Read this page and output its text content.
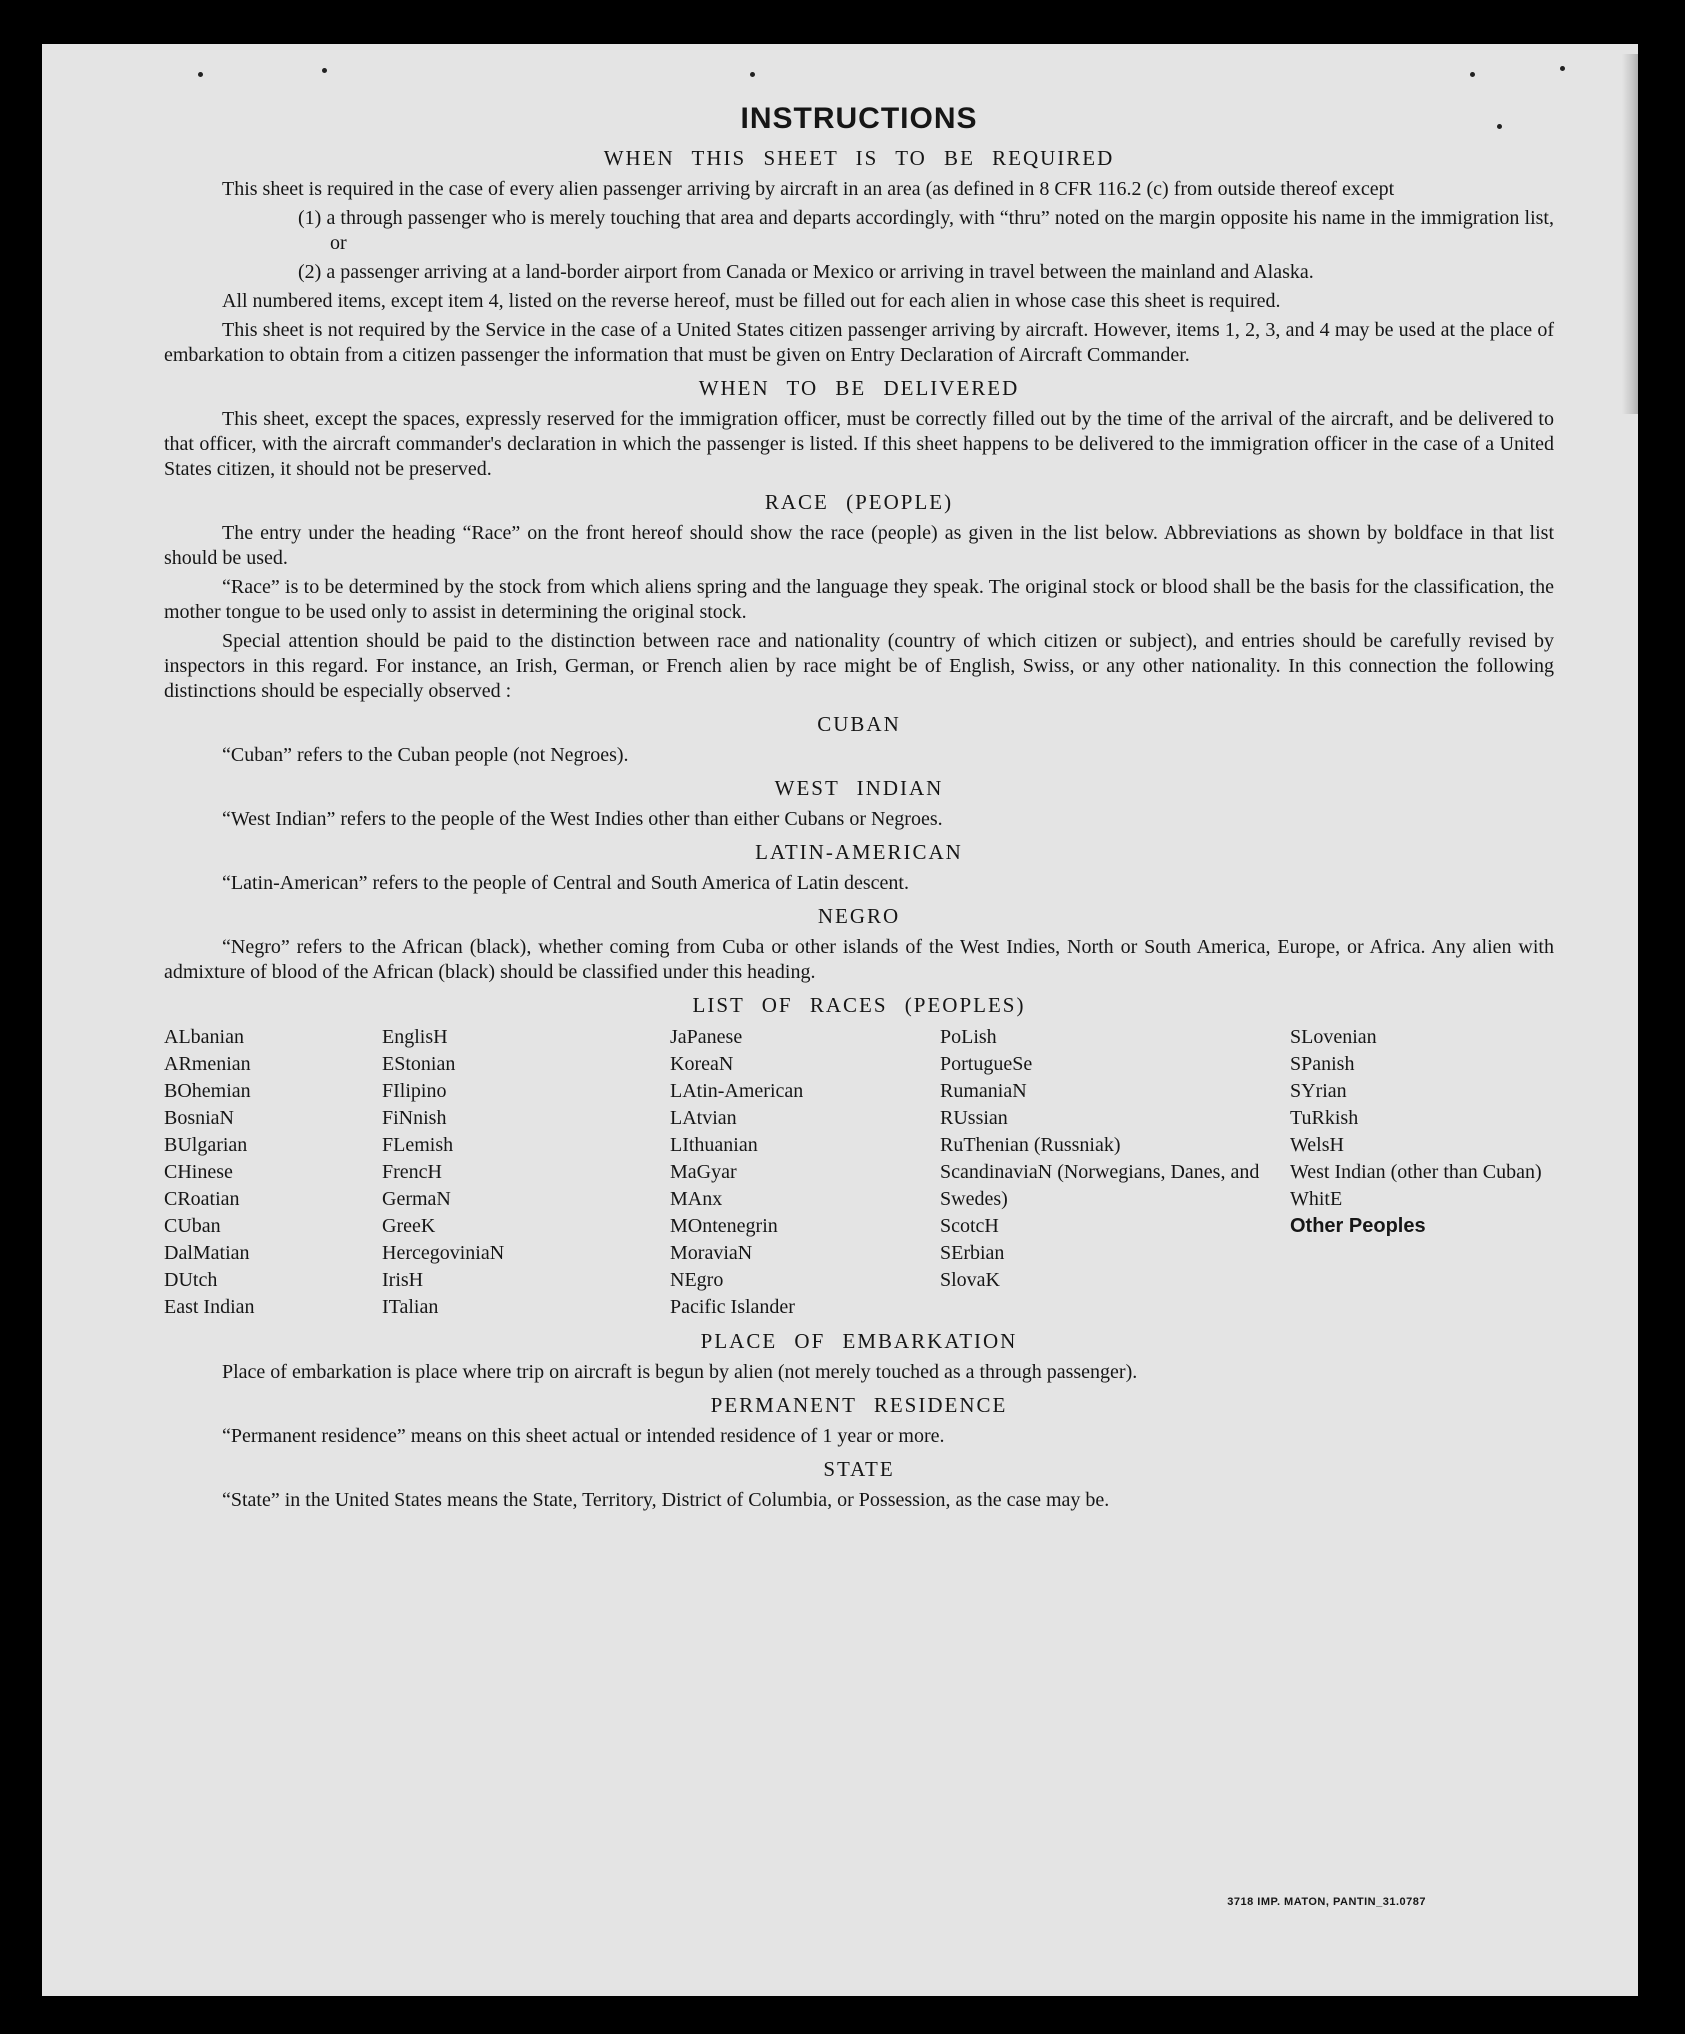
INSTRUCTIONS
WHEN THIS SHEET IS TO BE REQUIRED

This sheet is required in the case of every alien passenger arriving by aircraft in an area (as defined in 8 CFR 116.2 (c) from outside thereof except

(1) a through passenger who is merely touching that area and departs accordingly, with “thru” noted on the margin opposite his name in the immigration list, or

(2) a passenger arriving at a land-border airport from Canada or Mexico or arriving in travel between the mainland and Alaska.

All numbered items, except item 4, listed on the reverse hereof, must be filled out for each alien in whose case this sheet is required.

This sheet is not required by the Service in the case of a United States citizen passenger arriving by aircraft. However, items 1, 2, 3, and 4 may be used at the place of embarkation to obtain from a citizen passenger the information that must be given on Entry Declaration of Aircraft Commander.

WHEN TO BE DELIVERED

This sheet, except the spaces, expressly reserved for the immigration officer, must be correctly filled out by the time of the arrival of the aircraft, and be delivered to that officer, with the aircraft commander's declaration in which the passenger is listed. If this sheet happens to be delivered to the immigration officer in the case of a United States citizen, it should not be preserved.

RACE (PEOPLE)

The entry under the heading “Race” on the front hereof should show the race (people) as given in the list below. Abbreviations as shown by boldface in that list should be used.

“Race” is to be determined by the stock from which aliens spring and the language they speak. The original stock or blood shall be the basis for the classification, the mother tongue to be used only to assist in determining the original stock.

Special attention should be paid to the distinction between race and nationality (country of which citizen or subject), and entries should be carefully revised by inspectors in this regard. For instance, an Irish, German, or French alien by race might be of English, Swiss, or any other nationality. In this connection the following distinctions should be especially observed :

CUBAN

“Cuban” refers to the Cuban people (not Negroes).

WEST INDIAN

“West Indian” refers to the people of the West Indies other than either Cubans or Negroes.

LATIN-AMERICAN

“Latin-American” refers to the people of Central and South America of Latin descent.

NEGRO

“Negro” refers to the African (black), whether coming from Cuba or other islands of the West Indies, North or South America, Europe, or Africa. Any alien with admixture of blood of the African (black) should be classified under this heading.

LIST OF RACES (PEOPLES)
ALbanian
ARmenian
BOhemian
BosniaN
BUlgarian
CHinese
CRoatian
CUban
DalMatian
DUtch
East Indian
EnglisH
EStonian
FIlipino
FiNnish
FLemish
FrencH
GermaN
GreeK
HercegoviniaN
IrisH
ITalian
JaPanese
KoreaN
LAtin-American
LAtvian
LIthuanian
MaGyar
MAnx
MOntenegrin
MoraviaN
NEgro
Pacific Islander
PoLish
PortugueSe
RumaniaN
RUssian
RuThenian (Russniak)
ScandinaviaN (Norwegians, Danes, and Swedes)
ScotcH
SErbian
SlovaK
SLovenian
SPanish
SYrian
TuRkish
WelsH
West Indian (other than Cuban)
WhitE
Other Peoples
PLACE OF EMBARKATION

Place of embarkation is place where trip on aircraft is begun by alien (not merely touched as a through passenger).

PERMANENT RESIDENCE

“Permanent residence” means on this sheet actual or intended residence of 1 year or more.

STATE

“State” in the United States means the State, Territory, District of Columbia, or Possession, as the case may be.

3718 IMP. MATON, PANTIN_31.0787
